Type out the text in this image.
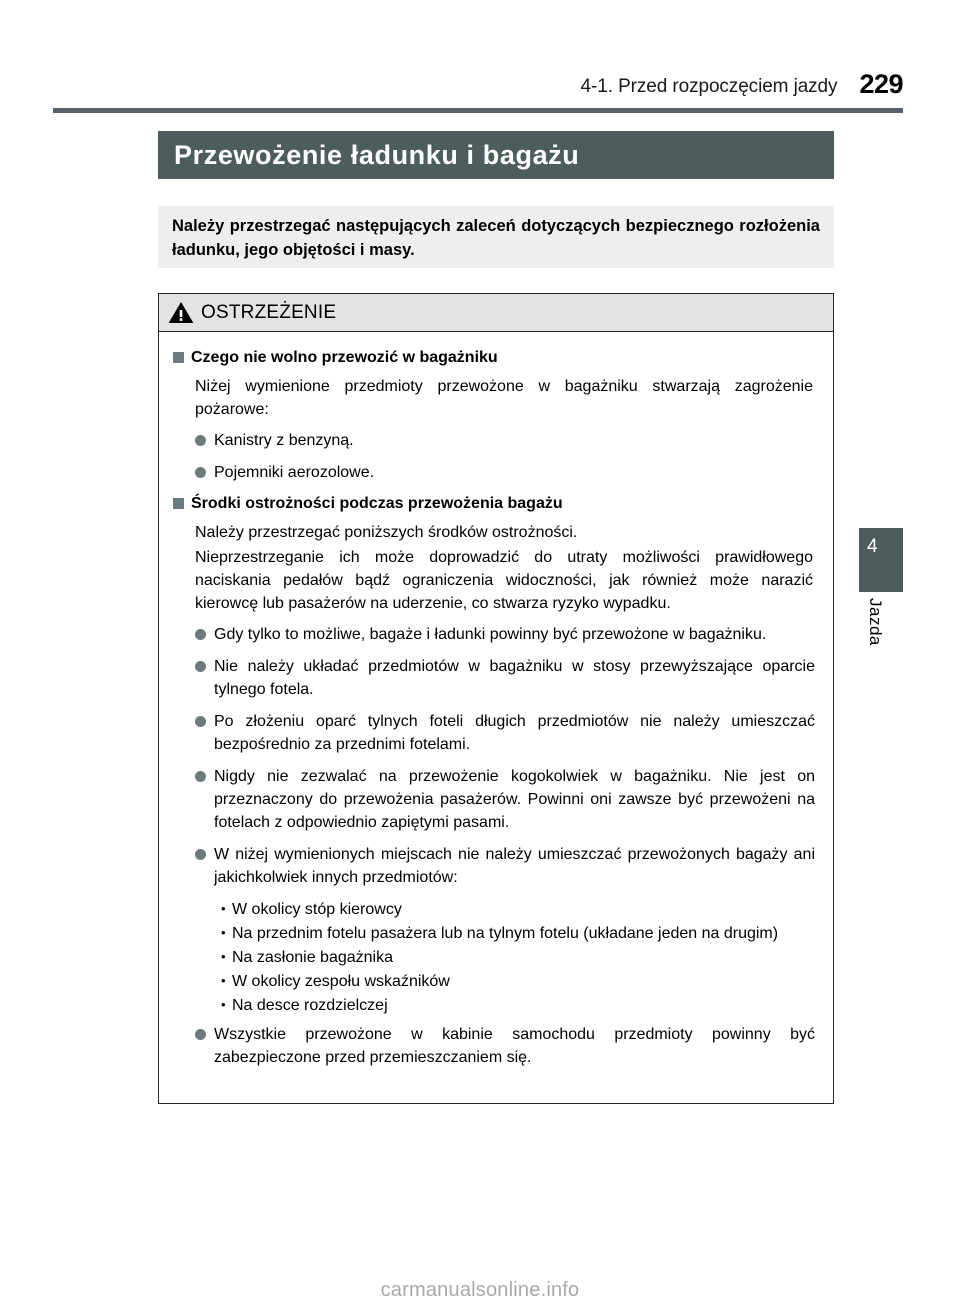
4-1. Przed rozpoczęciem jazdy 229
Przewożenie ładunku i bagażu
Należy przestrzegać następujących zaleceń dotyczących bezpiecznego rozłożenia ładunku, jego objętości i masy.
OSTRZEŻENIE
Czego nie wolno przewozić w bagażniku

Niżej wymienione przedmioty przewożone w bagażniku stwarzają zagrożenie pożarowe:

Kanistry z benzyną.
Pojemniki aerozolowe.
Środki ostrożności podczas przewożenia bagażu

Należy przestrzegać poniższych środków ostrożności.

Nieprzestrzeganie ich może doprowadzić do utraty możliwości prawidłowego naciskania pedałów bądź ograniczenia widoczności, jak również może narazić kierowcę lub pasażerów na uderzenie, co stwarza ryzyko wypadku.

Gdy tylko to możliwe, bagaże i ładunki powinny być przewożone w bagażniku.
Nie należy układać przedmiotów w bagażniku w stosy przewyższające oparcie tylnego fotela.
Po złożeniu oparć tylnych foteli długich przedmiotów nie należy umieszczać bezpośrednio za przednimi fotelami.
Nigdy nie zezwalać na przewożenie kogokolwiek w bagażniku. Nie jest on przeznaczony do przewożenia pasażerów. Powinni oni zawsze być przewożeni na fotelach z odpowiednio zapiętymi pasami.
W niżej wymienionych miejscach nie należy umieszczać przewożonych bagaży ani jakichkolwiek innych przedmiotów:
• W okolicy stóp kierowcy
• Na przednim fotelu pasażera lub na tylnym fotelu (układane jeden na drugim)
• Na zasłonie bagażnika
• W okolicy zespołu wskaźników
• Na desce rozdzielczej
Wszystkie przewożone w kabinie samochodu przedmioty powinny być zabezpieczone przed przemieszczaniem się.
4
Jazda
carmanualsonline.info
